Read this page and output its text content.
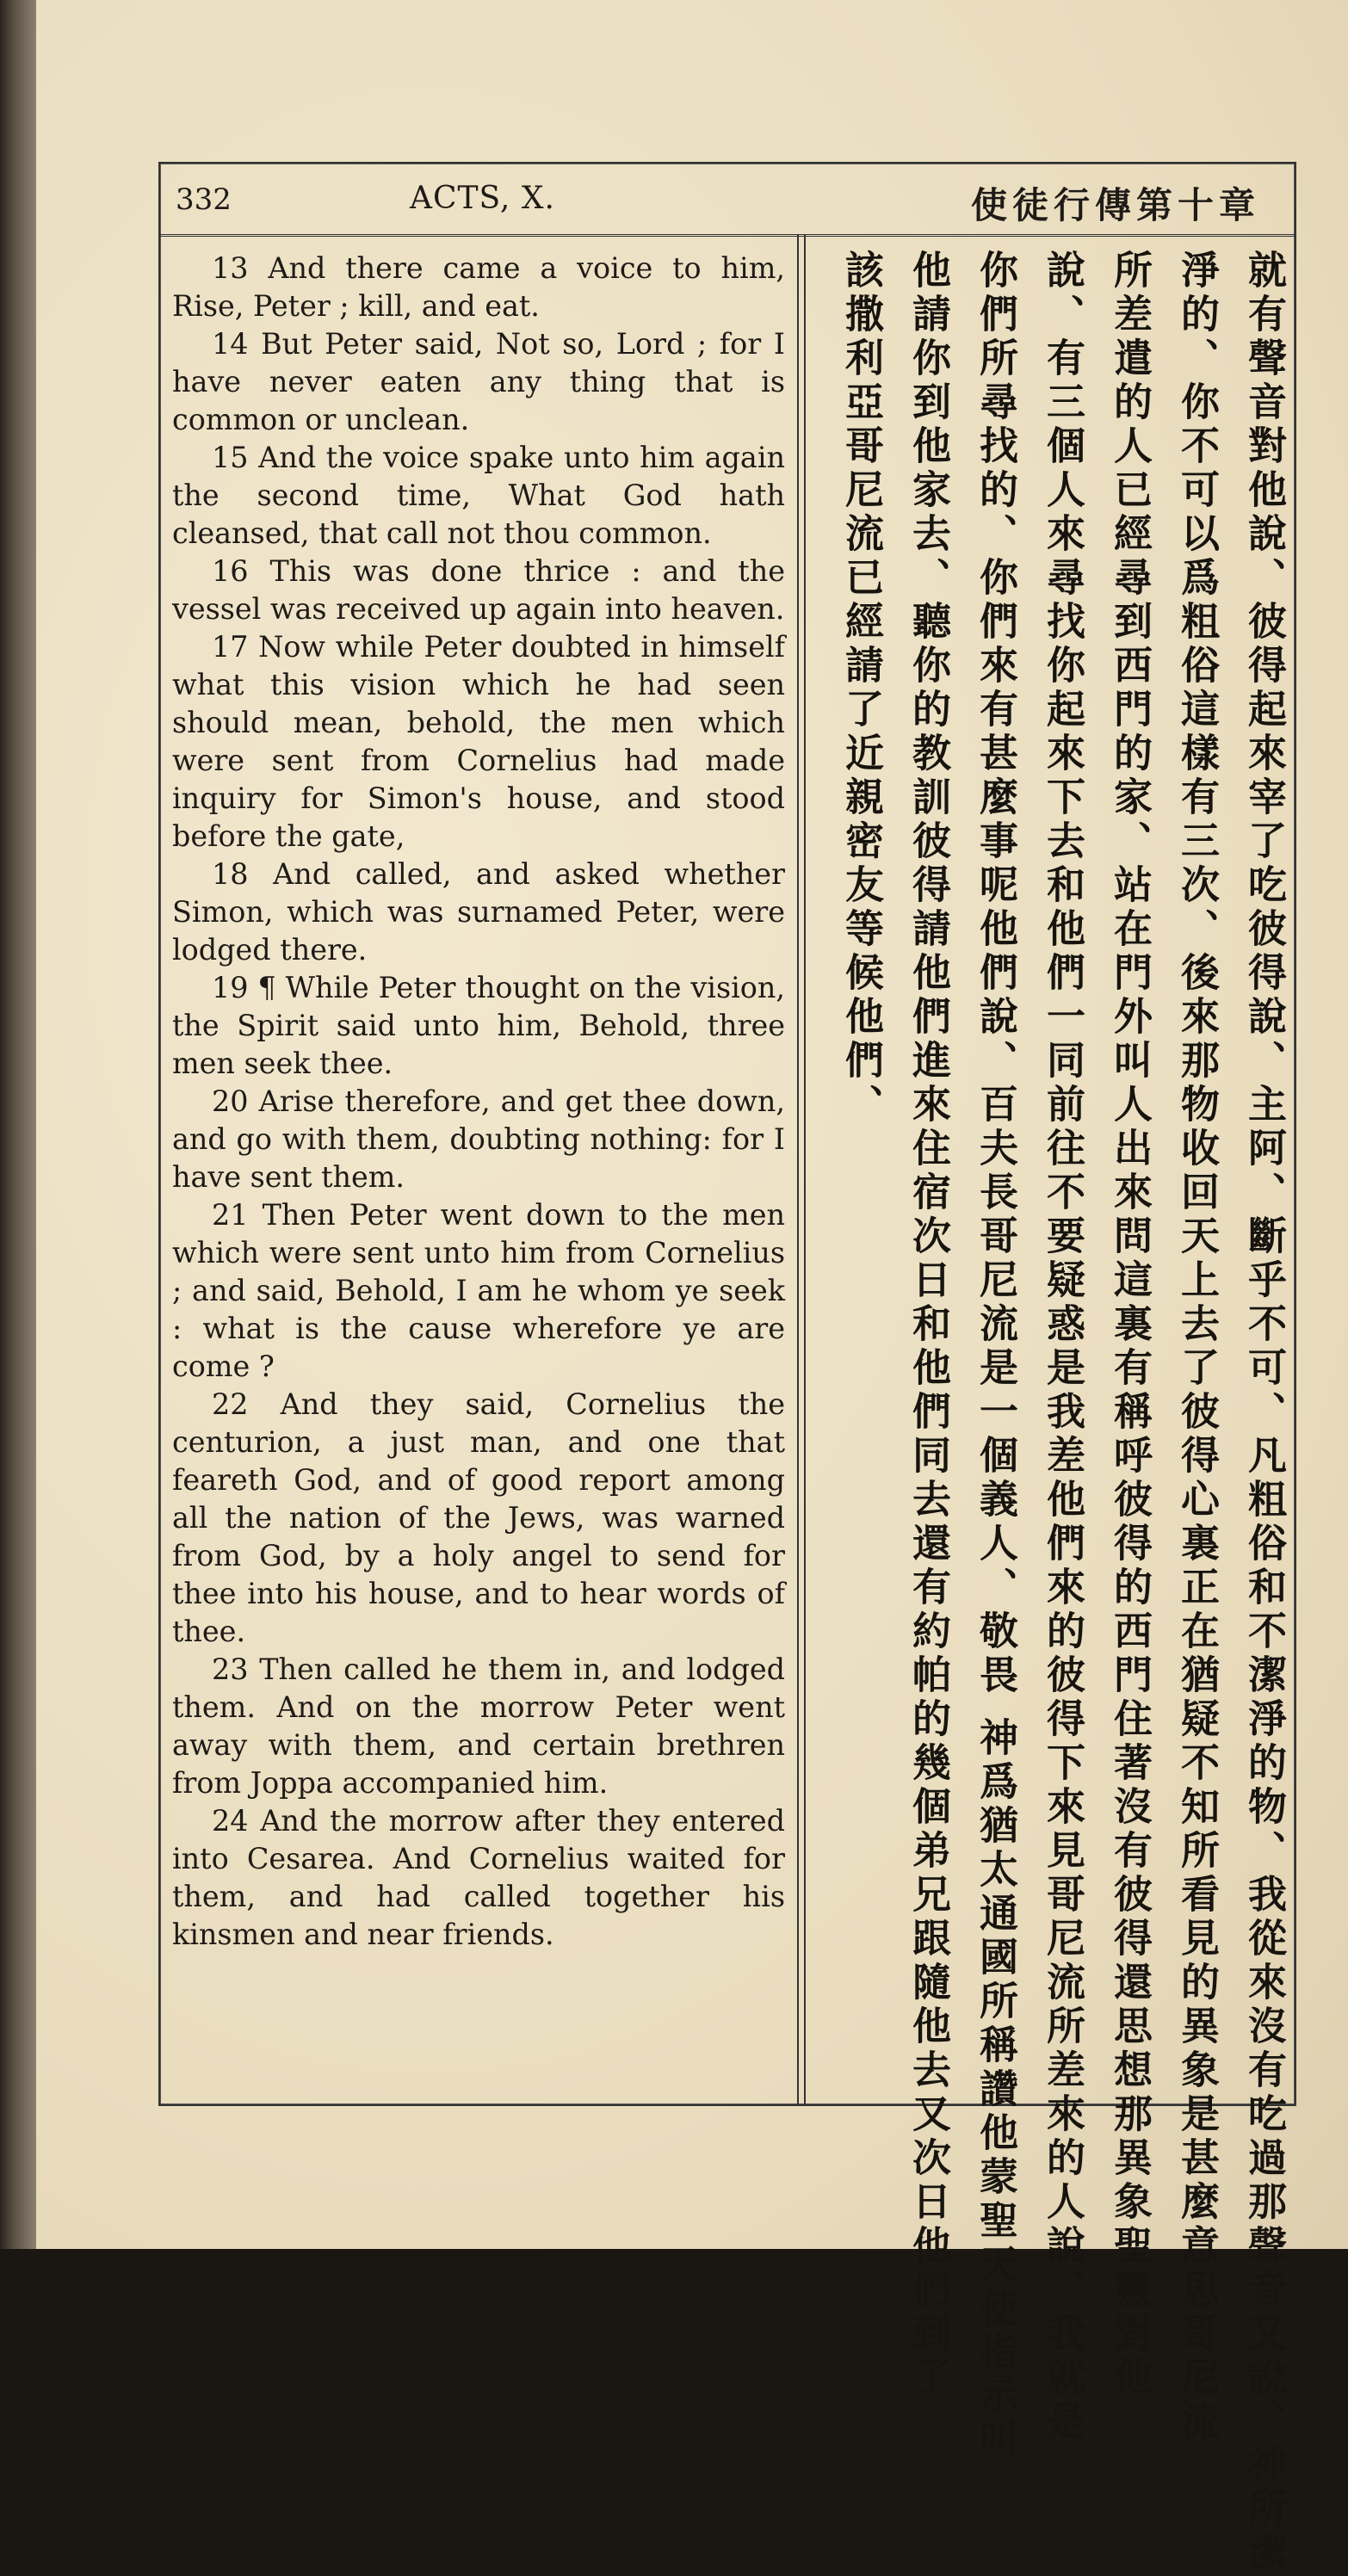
332	ACTS, X.	使徒行傳第十章

13 And there came a voice to him, Rise, Peter ; kill, and eat.

14 But Peter said, Not so, Lord ; for I have never eaten any thing that is common or unclean.

15 And the voice spake unto him again the second time, What God hath cleansed, that call not thou common.

16 This was done thrice : and the vessel was received up again into heaven.

17 Now while Peter doubted in himself what this vision which he had seen should mean, behold, the men which were sent from Cornelius had made inquiry for Simon's house, and stood before the gate,

18 And called, and asked whether Simon, which was surnamed Peter, were lodged there.

19 ¶ While Peter thought on the vision, the Spirit said unto him, Behold, three men seek thee.

20 Arise therefore, and get thee down, and go with them, doubting nothing: for I have sent them.

21 Then Peter went down to the men which were sent unto him from Cornelius ; and said, Behold, I am he whom ye seek : what is the cause wherefore ye are come ?

22 And they said, Cornelius the centurion, a just man, and one that feareth God, and of good report among all the nation of the Jews, was warned from God, by a holy angel to send for thee into his house, and to hear words of thee.

23 Then called he them in, and lodged them. And on the morrow Peter went away with them, and certain brethren from Joppa accompanied him.

24 And the morrow after they entered into Cesarea. And Cornelius waited for them, and had called together his kinsmen and near friends.	就有聲音對他說、彼得起來宰了吃彼得說、主阿、斷乎不可、凡粗俗和不潔淨的物、我從來沒有吃過那聲音又說、神所潔
淨的、你不可以爲粗俗這樣有三次、後來那物收回天上去了彼得心裏正在猶疑不知所看見的異象是甚麼意思哥尼流
所差遣的人已經尋到西門的家、站在門外叫人出來問這裏有稱呼彼得的西門住著沒有彼得還思想那異象聖靈對他
說、有三個人來尋找你起來下去和他們一同前往不要疑惑是我差他們來的彼得下來見哥尼流所差來的人說、我就是
你們所尋找的、你們來有甚麼事呢他們說、百夫長哥尼流是一個義人、敬畏 神爲猶太通國所稱讚他蒙聖天使指示叫
他請你到他家去、聽你的教訓彼得請他們進來住宿次日和他們同去還有約帕的幾個弟兄跟隨他去又次日他們到了
該撒利亞哥尼流已經請了近親密友等候他們、
